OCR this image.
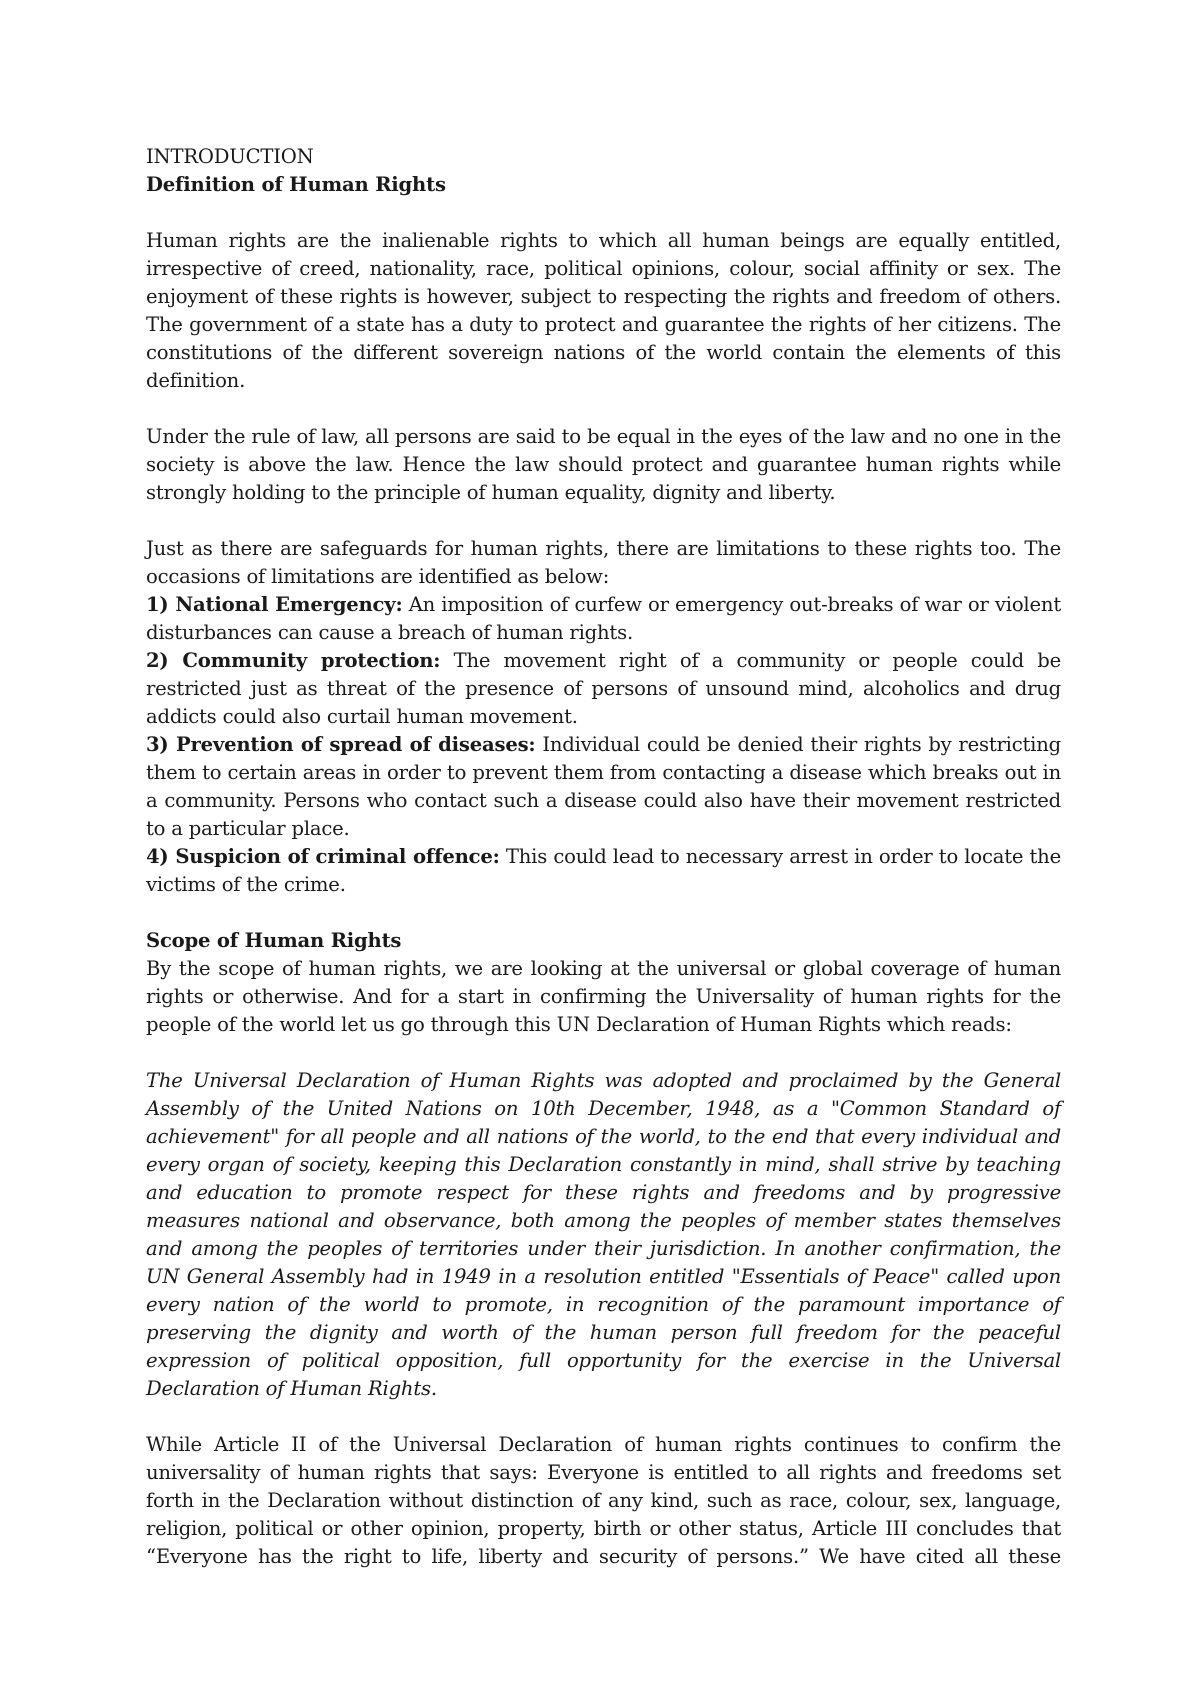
INTRODUCTION

Definition of Human Rights

Human rights are the inalienable rights to which all human beings are equally entitled, irrespective of creed, nationality, race, political opinions, colour, social affinity or sex. The enjoyment of these rights is however, subject to respecting the rights and freedom of others. The government of a state has a duty to protect and guarantee the rights of her citizens. The constitutions of the different sovereign nations of the world contain the elements of this definition.

Under the rule of law, all persons are said to be equal in the eyes of the law and no one in the society is above the law. Hence the law should protect and guarantee human rights while strongly holding to the principle of human equality, dignity and liberty.

Just as there are safeguards for human rights, there are limitations to these rights too. The occasions of limitations are identified as below:

1) National Emergency: An imposition of curfew or emergency out-breaks of war or violent disturbances can cause a breach of human rights.

2) Community protection: The movement right of a community or people could be restricted just as threat of the presence of persons of unsound mind, alcoholics and drug addicts could also curtail human movement.

3) Prevention of spread of diseases: Individual could be denied their rights by restricting them to certain areas in order to prevent them from contacting a disease which breaks out in a community. Persons who contact such a disease could also have their movement restricted to a particular place.

4) Suspicion of criminal offence: This could lead to necessary arrest in order to locate the victims of the crime.

Scope of Human Rights

By the scope of human rights, we are looking at the universal or global coverage of human rights or otherwise. And for a start in confirming the Universality of human rights for the people of the world let us go through this UN Declaration of Human Rights which reads:

The Universal Declaration of Human Rights was adopted and proclaimed by the General Assembly of the United Nations on 10th December, 1948, as a "Common Standard of achievement" for all people and all nations of the world, to the end that every individual and every organ of society, keeping this Declaration constantly in mind, shall strive by teaching and education to promote respect for these rights and freedoms and by progressive measures national and observance, both among the peoples of member states themselves and among the peoples of territories under their jurisdiction. In another confirmation, the UN General Assembly had in 1949 in a resolution entitled "Essentials of Peace" called upon every nation of the world to promote, in recognition of the paramount importance of preserving the dignity and worth of the human person full freedom for the peaceful expression of political opposition, full opportunity for the exercise in the Universal Declaration of Human Rights.

While Article II of the Universal Declaration of human rights continues to confirm the universality of human rights that says: Everyone is entitled to all rights and freedoms set forth in the Declaration without distinction of any kind, such as race, colour, sex, language, religion, political or other opinion, property, birth or other status, Article III concludes that “Everyone has the right to life, liberty and security of persons.” We have cited all these
